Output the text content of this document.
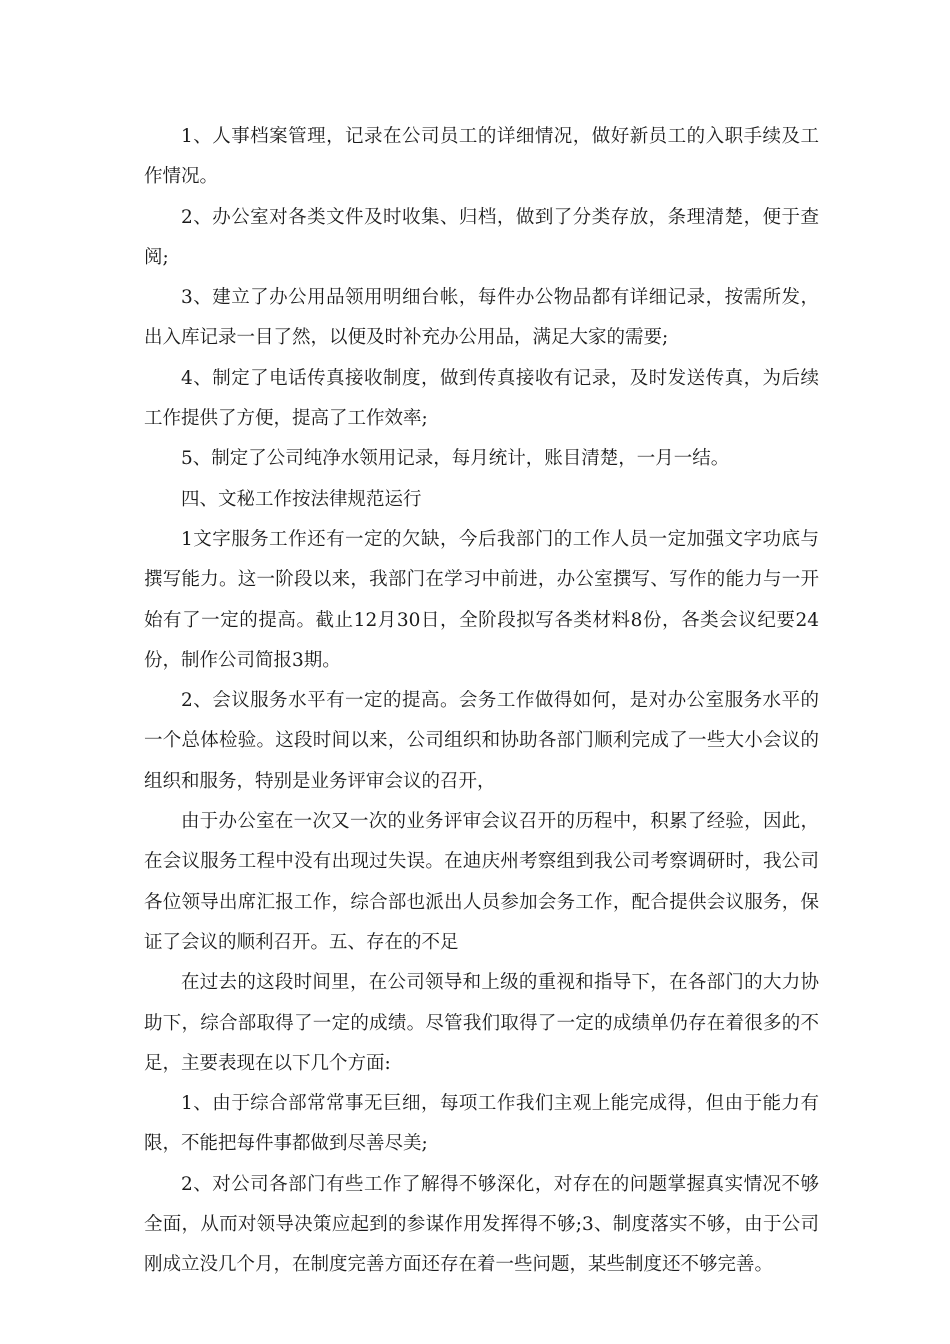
1、人事档案管理，记录在公司员工的详细情况，做好新员工的入职手续及工作情况。

2、办公室对各类文件及时收集、归档，做到了分类存放，条理清楚，便于查阅;

3、建立了办公用品领用明细台帐，每件办公物品都有详细记录，按需所发，出入库记录一目了然，以便及时补充办公用品，满足大家的需要;

4、制定了电话传真接收制度，做到传真接收有记录，及时发送传真，为后续工作提供了方便，提高了工作效率;

5、制定了公司纯净水领用记录，每月统计，账目清楚，一月一结。

四、文秘工作按法律规范运行

1文字服务工作还有一定的欠缺，今后我部门的工作人员一定加强文字功底与撰写能力。这一阶段以来，我部门在学习中前进，办公室撰写、写作的能力与一开始有了一定的提高。截止12月30日，全阶段拟写各类材料8份，各类会议纪要24份，制作公司简报3期。

2、会议服务水平有一定的提高。会务工作做得如何，是对办公室服务水平的一个总体检验。这段时间以来，公司组织和协助各部门顺利完成了一些大小会议的组织和服务，特别是业务评审会议的召开，

由于办公室在一次又一次的业务评审会议召开的历程中，积累了经验，因此，在会议服务工程中没有出现过失误。在迪庆州考察组到我公司考察调研时，我公司各位领导出席汇报工作，综合部也派出人员参加会务工作，配合提供会议服务，保证了会议的顺利召开。五、存在的不足

在过去的这段时间里，在公司领导和上级的重视和指导下，在各部门的大力协助下，综合部取得了一定的成绩。尽管我们取得了一定的成绩单仍存在着很多的不足，主要表现在以下几个方面:

1、由于综合部常常事无巨细，每项工作我们主观上能完成得，但由于能力有限，不能把每件事都做到尽善尽美;

2、对公司各部门有些工作了解得不够深化，对存在的问题掌握真实情况不够全面，从而对领导决策应起到的参谋作用发挥得不够;3、制度落实不够，由于公司刚成立没几个月，在制度完善方面还存在着一些问题，某些制度还不够完善。
